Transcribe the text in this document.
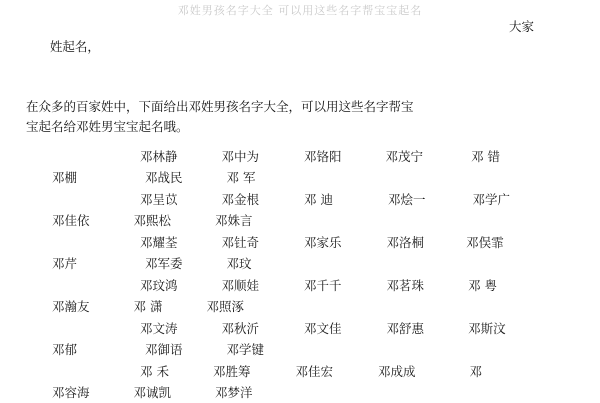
邓姓男孩名字大全 可以用这些名字帮宝宝起名

姓起名，

大家

在众多的百家姓中，下面给出邓姓男孩名字大全，可以用这些名字帮宝
宝起名给邓姓男宝宝起名哦。
邓林静	邓中为	邓铬阳	邓茂宁	邓 错
邓棚	邓战民	邓 军
邓呈苡	邓金根	邓 迪	邓烩一	邓学广
邓佳依	邓熙松	邓姝言
邓耀荃	邓钍奇	邓家乐	邓洛桐	邓俣霏
邓芹	邓军委	邓玟
邓玟鸿	邓顺娃	邓千千	邓茗珠	邓 粤
邓瀚友	邓 潇	邓照涿
邓文涛	邓秋沂	邓文佳	邓舒惠	邓斯汶
邓郁	邓御语	邓学键
邓 禾	邓胜筹	邓佳宏	邓成成	邓
邓容海	邓诚凯	邓梦洋
